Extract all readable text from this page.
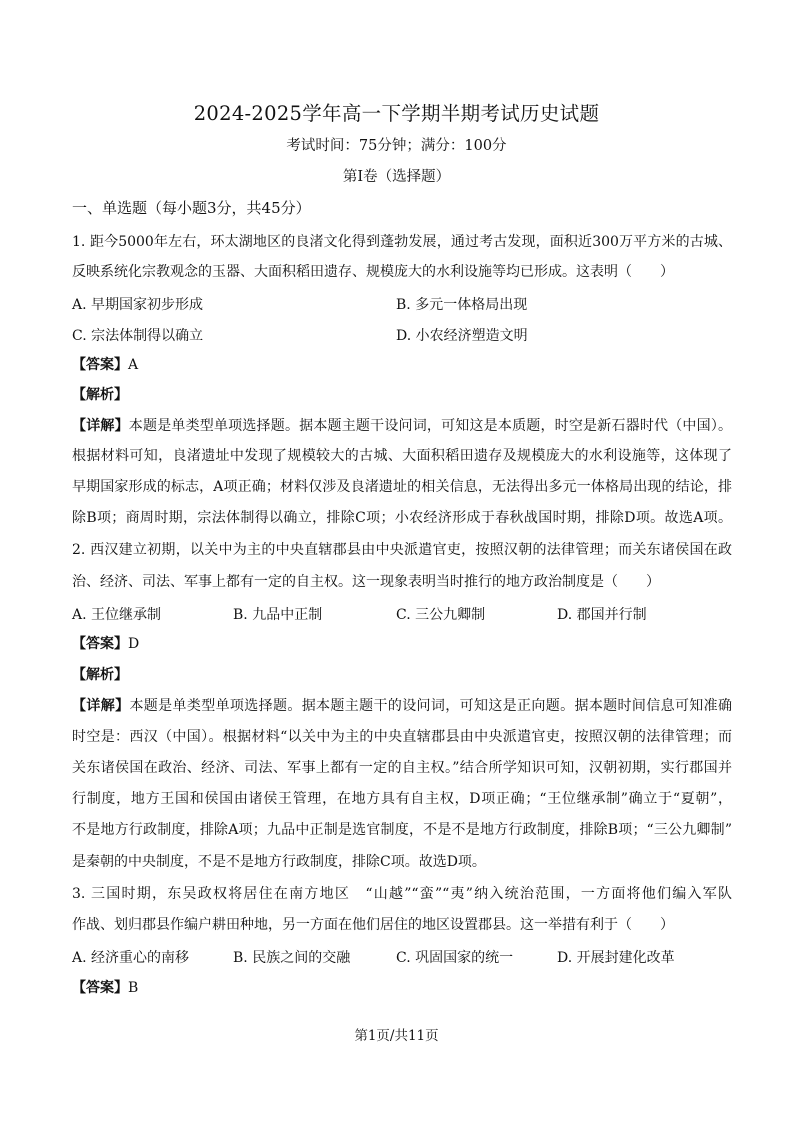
2024-2025学年高一下学期半期考试历史试题
考试时间：75分钟；满分：100分
第Ⅰ卷（选择题）
一、单选题（每小题3分，共45分）
1. 距今5000年左右，环太湖地区的良渚文化得到蓬勃发展，通过考古发现，面积近300万平方米的古城、
反映系统化宗教观念的玉器、大面积稻田遗存、规模庞大的水利设施等均已形成。这表明（　　）
A. 早期国家初步形成	B. 多元一体格局出现
C. 宗法体制得以确立	D. 小农经济塑造文明
【答案】A
【解析】
【详解】本题是单类型单项选择题。据本题主题干设问词，可知这是本质题，时空是新石器时代（中国）。
根据材料可知，良渚遗址中发现了规模较大的古城、大面积稻田遗存及规模庞大的水利设施等，这体现了
早期国家形成的标志，A项正确；材料仅涉及良渚遗址的相关信息，无法得出多元一体格局出现的结论，排
除B项；商周时期，宗法体制得以确立，排除C项；小农经济形成于春秋战国时期，排除D项。故选A项。
2. 西汉建立初期，以关中为主的中央直辖郡县由中央派遣官吏，按照汉朝的法律管理；而关东诸侯国在政
治、经济、司法、军事上都有一定的自主权。这一现象表明当时推行的地方政治制度是（　　）
A. 王位继承制	B. 九品中正制	C. 三公九卿制	D. 郡国并行制
【答案】D
【解析】
【详解】本题是单类型单项选择题。据本题主题干的设问词，可知这是正向题。据本题时间信息可知准确
时空是：西汉（中国）。根据材料“以关中为主的中央直辖郡县由中央派遣官吏，按照汉朝的法律管理；而
关东诸侯国在政治、经济、司法、军事上都有一定的自主权。”结合所学知识可知，汉朝初期，实行郡国并
行制度，地方王国和侯国由诸侯王管理，在地方具有自主权，D项正确；“王位继承制”确立于“夏朝”，
不是地方行政制度，排除A项；九品中正制是选官制度，不是不是地方行政制度，排除B项；“三公九卿制”
是秦朝的中央制度，不是不是地方行政制度，排除C项。故选D项。
3. 三国时期，东吴政权将居住在南方地区　“山越”“蛮”“夷”纳入统治范围，一方面将他们编入军队
作战、划归郡县作编户耕田种地，另一方面在他们居住的地区设置郡县。这一举措有利于（　　）
A. 经济重心的南移	B. 民族之间的交融	C. 巩固国家的统一	D. 开展封建化改革
【答案】B
第1页/共11页
